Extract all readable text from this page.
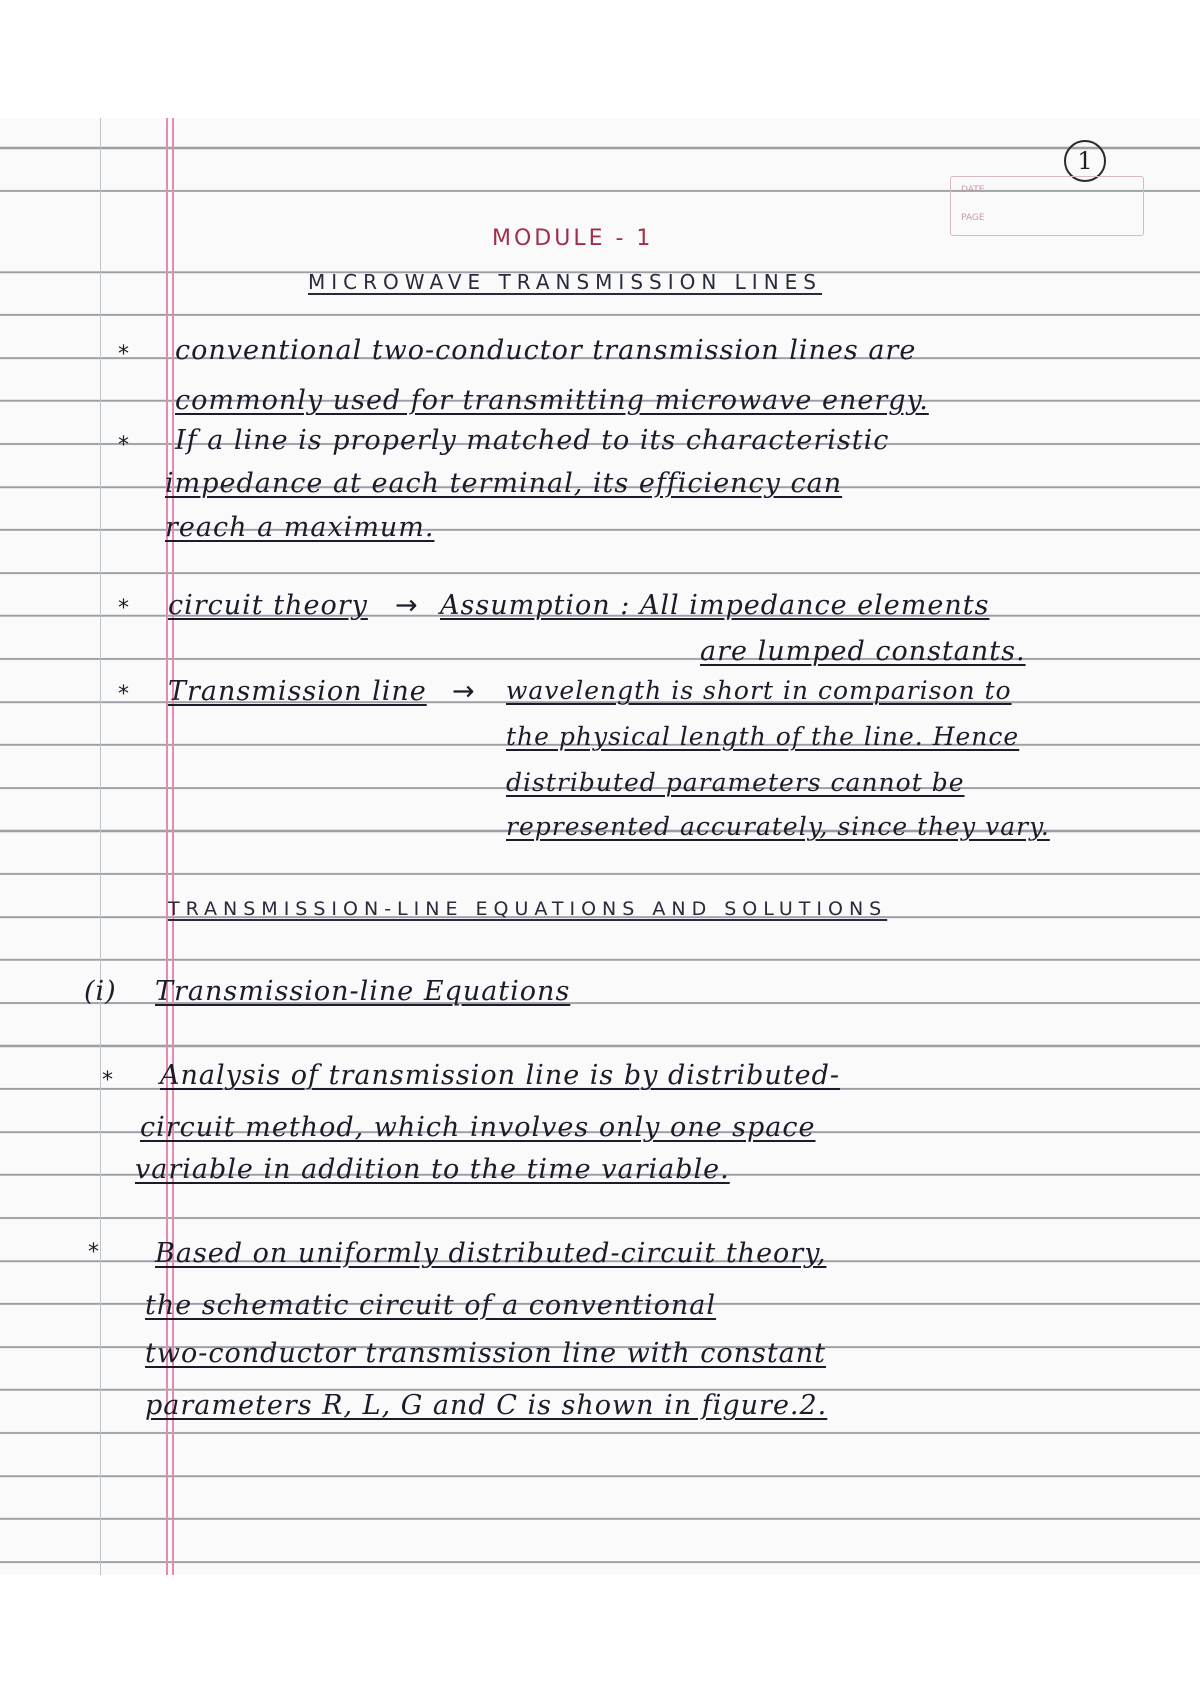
1
DATE
PAGE
MODULE - 1
MICROWAVE TRANSMISSION LINES
* conventional two-conductor transmission lines are
commonly used for transmitting microwave energy.
* If a line is properly matched to its characteristic
impedance at each terminal, its efficiency can
reach a maximum.
* circuit theory → Assumption : All impedance elements
are lumped constants.
* Transmission line → wavelength is short in comparison to
the physical length of the line. Hence
distributed parameters cannot be
represented accurately, since they vary.
TRANSMISSION-LINE EQUATIONS AND SOLUTIONS
(i) Transmission-line Equations
* Analysis of transmission line is by distributed-
circuit method, which involves only one space
variable in addition to the time variable.
* Based on uniformly distributed-circuit theory,
the schematic circuit of a conventional
two-conductor transmission line with constant
parameters R, L, G and C is shown in figure.2.
